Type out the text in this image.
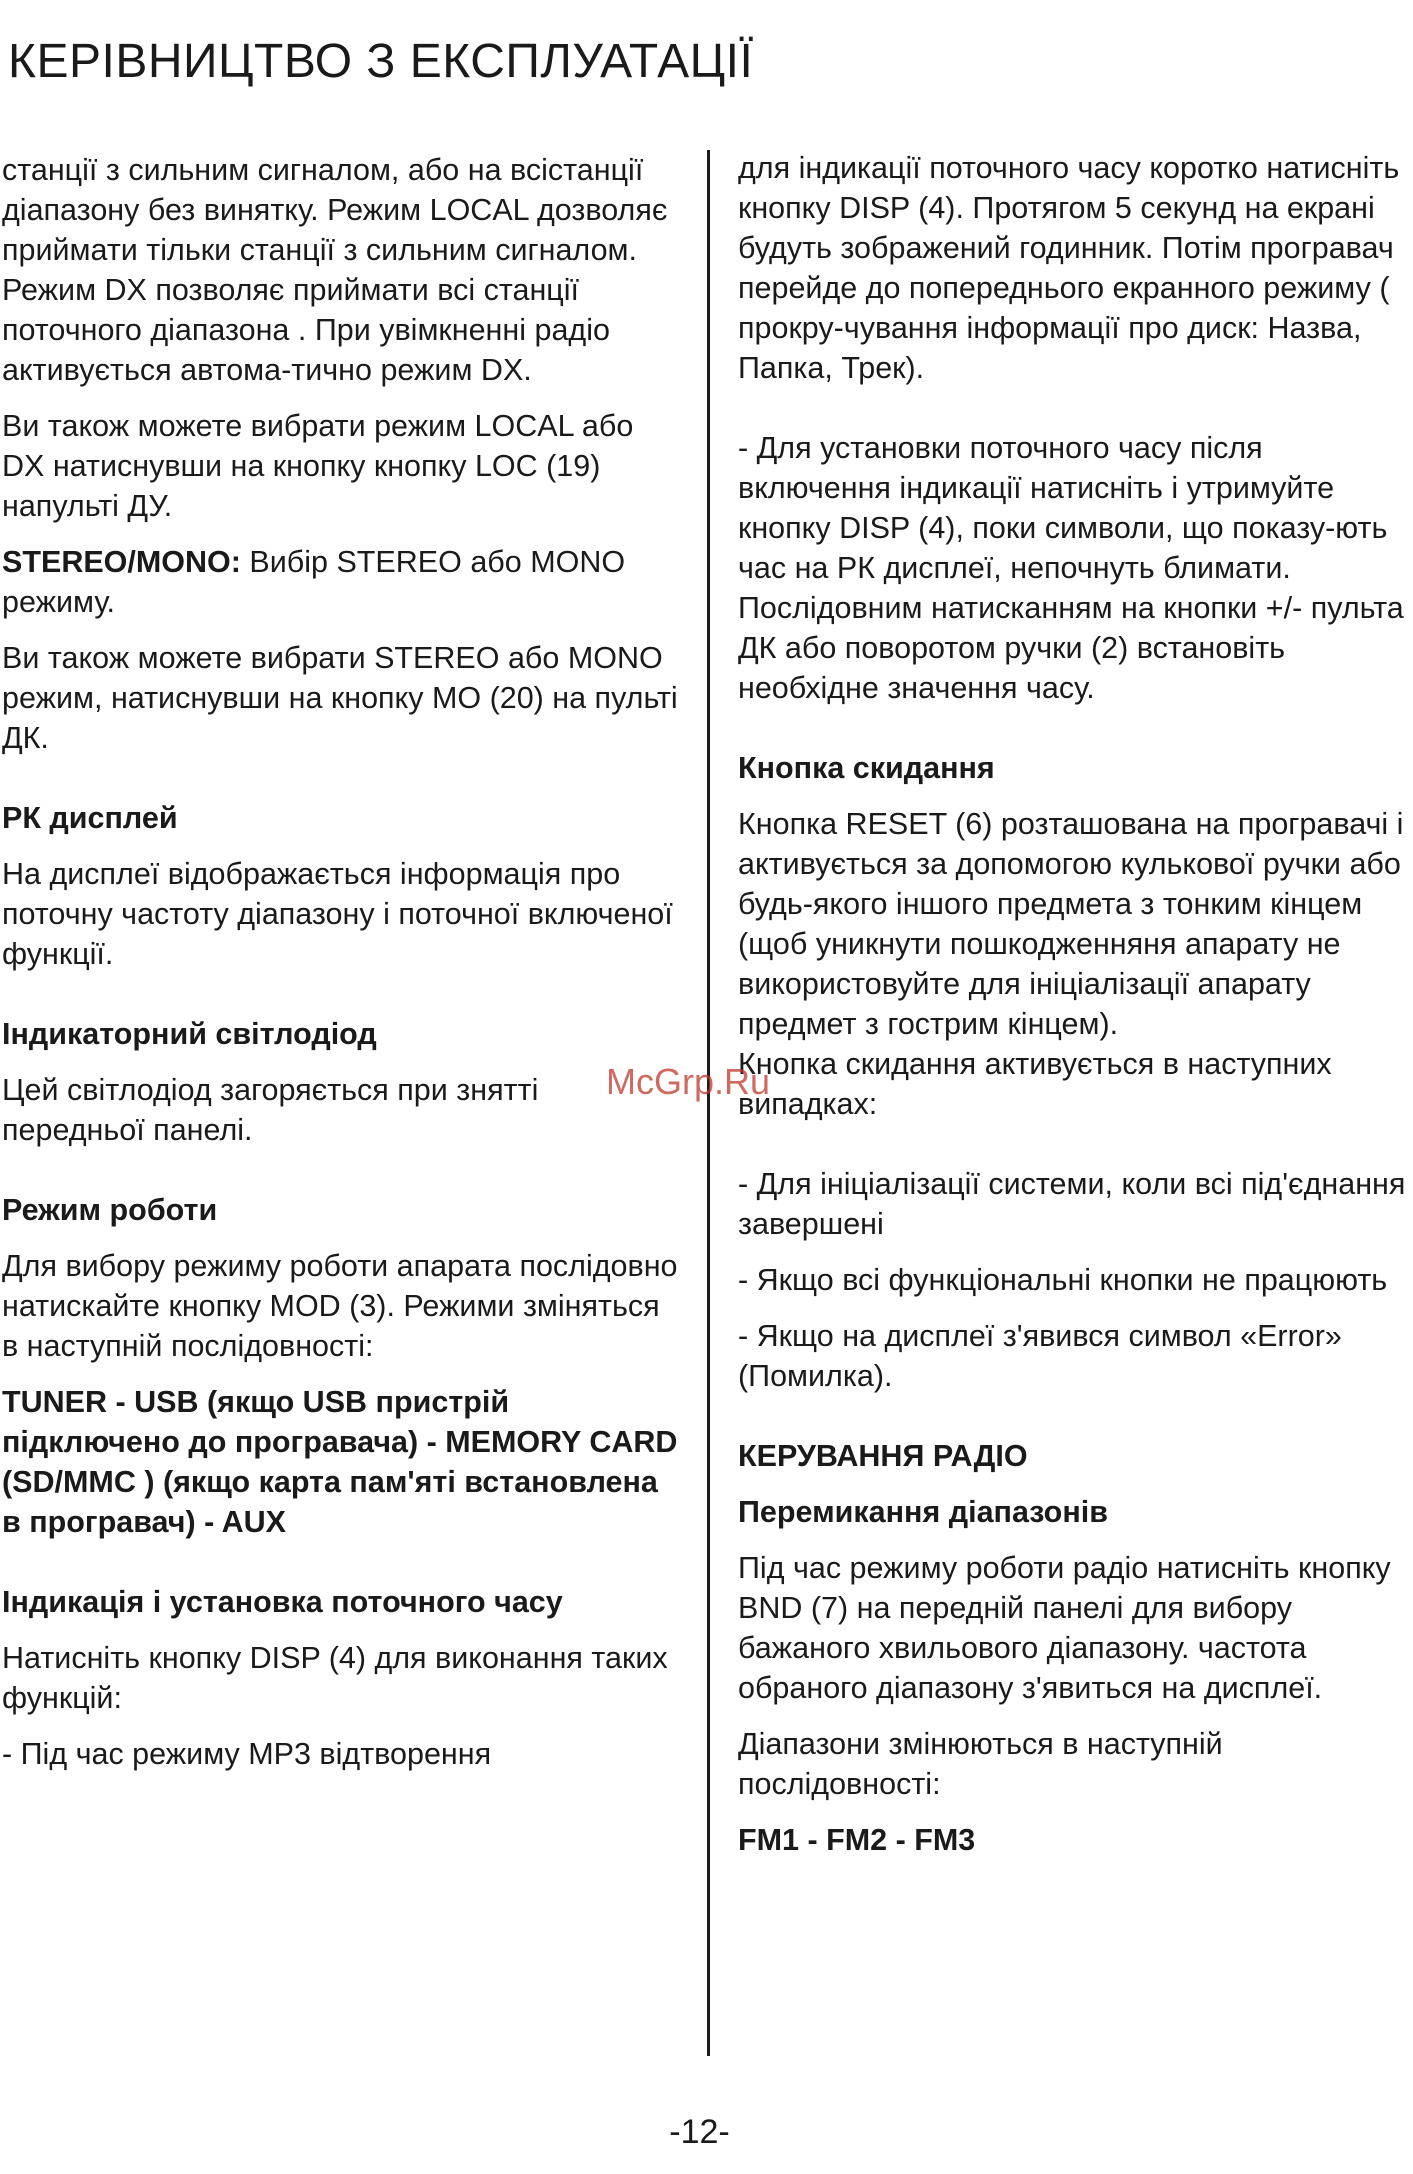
КЕРІВНИЦТВО З ЕКСПЛУАТАЦІЇ

станції з сильним сигналом, або на всістанції діапазону без винятку. Режим LOCAL дозволяє приймати тільки станції з сильним сигналом. Режим DX позволяє приймати всі станції поточного діапазона . При увімкненні радіо активується автома-тично режим DX.

Ви також можете вибрати режим LOCAL або DX натиснувши на кнопку кнопку LOC (19) напульті ДУ.

STEREO/MONO: Вибір STEREO або MONO режиму.

Ви також можете вибрати STEREO або MONO режим, натиснувши на кнопку MO (20) на пульті ДК.

РК дисплей

На дисплеї відображається інформація про поточну частоту діапазону і поточної включеної функції.

Індикаторний світлодіод

Цей світлодіод загоряється при знятті передньої панелі.

Режим роботи

Для вибору режиму роботи апарата послідовно натискайте кнопку MOD (3). Режими зміняться в наступній послідовності:

TUNER - USB (якщо USB пристрій підключено до програвача) - MEMORY CARD (SD/MMC ) (якщо карта пам'яті встановлена в програвач) - AUX

Індикація і установка поточного часу

Натисніть кнопку DISP (4) для виконання таких функцій:

- Під час режиму MP3 відтворення

для індикації поточного часу коротко натисніть кнопку DISP (4). Протягом 5 секунд на екрані будуть зображений годинник. Потім програвач перейде до попереднього екранного режиму ( прокру-чування інформації про диск: Назва, Папка, Трек).

- Для установки поточного часу після включення індикації натисніть і утримуйте кнопку DISP (4), поки символи, що показу-ють час на РК дисплеї, непочнуть блимати. Послідовним натисканням на кнопки +/- пульта ДК або поворотом ручки (2) встановіть необхідне значення часу.

Кнопка скидання

Кнопка RESET (6) розташована на програвачі і активується за допомогою кулькової ручки або будь-якого іншого предмета з тонким кінцем (щоб уникнути пошкодженняня апарату не використовуйте для ініціалізації апарату предмет з гострим кінцем).

Кнопка скидання активується в наступних випадках:

- Для ініціалізації системи, коли всі під'єднання завершені

- Якщо всі функціональні кнопки не працюють

- Якщо на дисплеї з'явився символ «Error» (Помилка).

КЕРУВАННЯ РАДІО

Перемикання діапазонів

Під час режиму роботи радіо натисніть кнопку BND (7) на передній панелі для вибору бажаного хвильового діапазону. частота обраного діапазону з'явиться на дисплеї.

Діапазони змінюються в наступній послідовності:

FM1 - FM2 - FM3

McGrp.Ru
-12-
